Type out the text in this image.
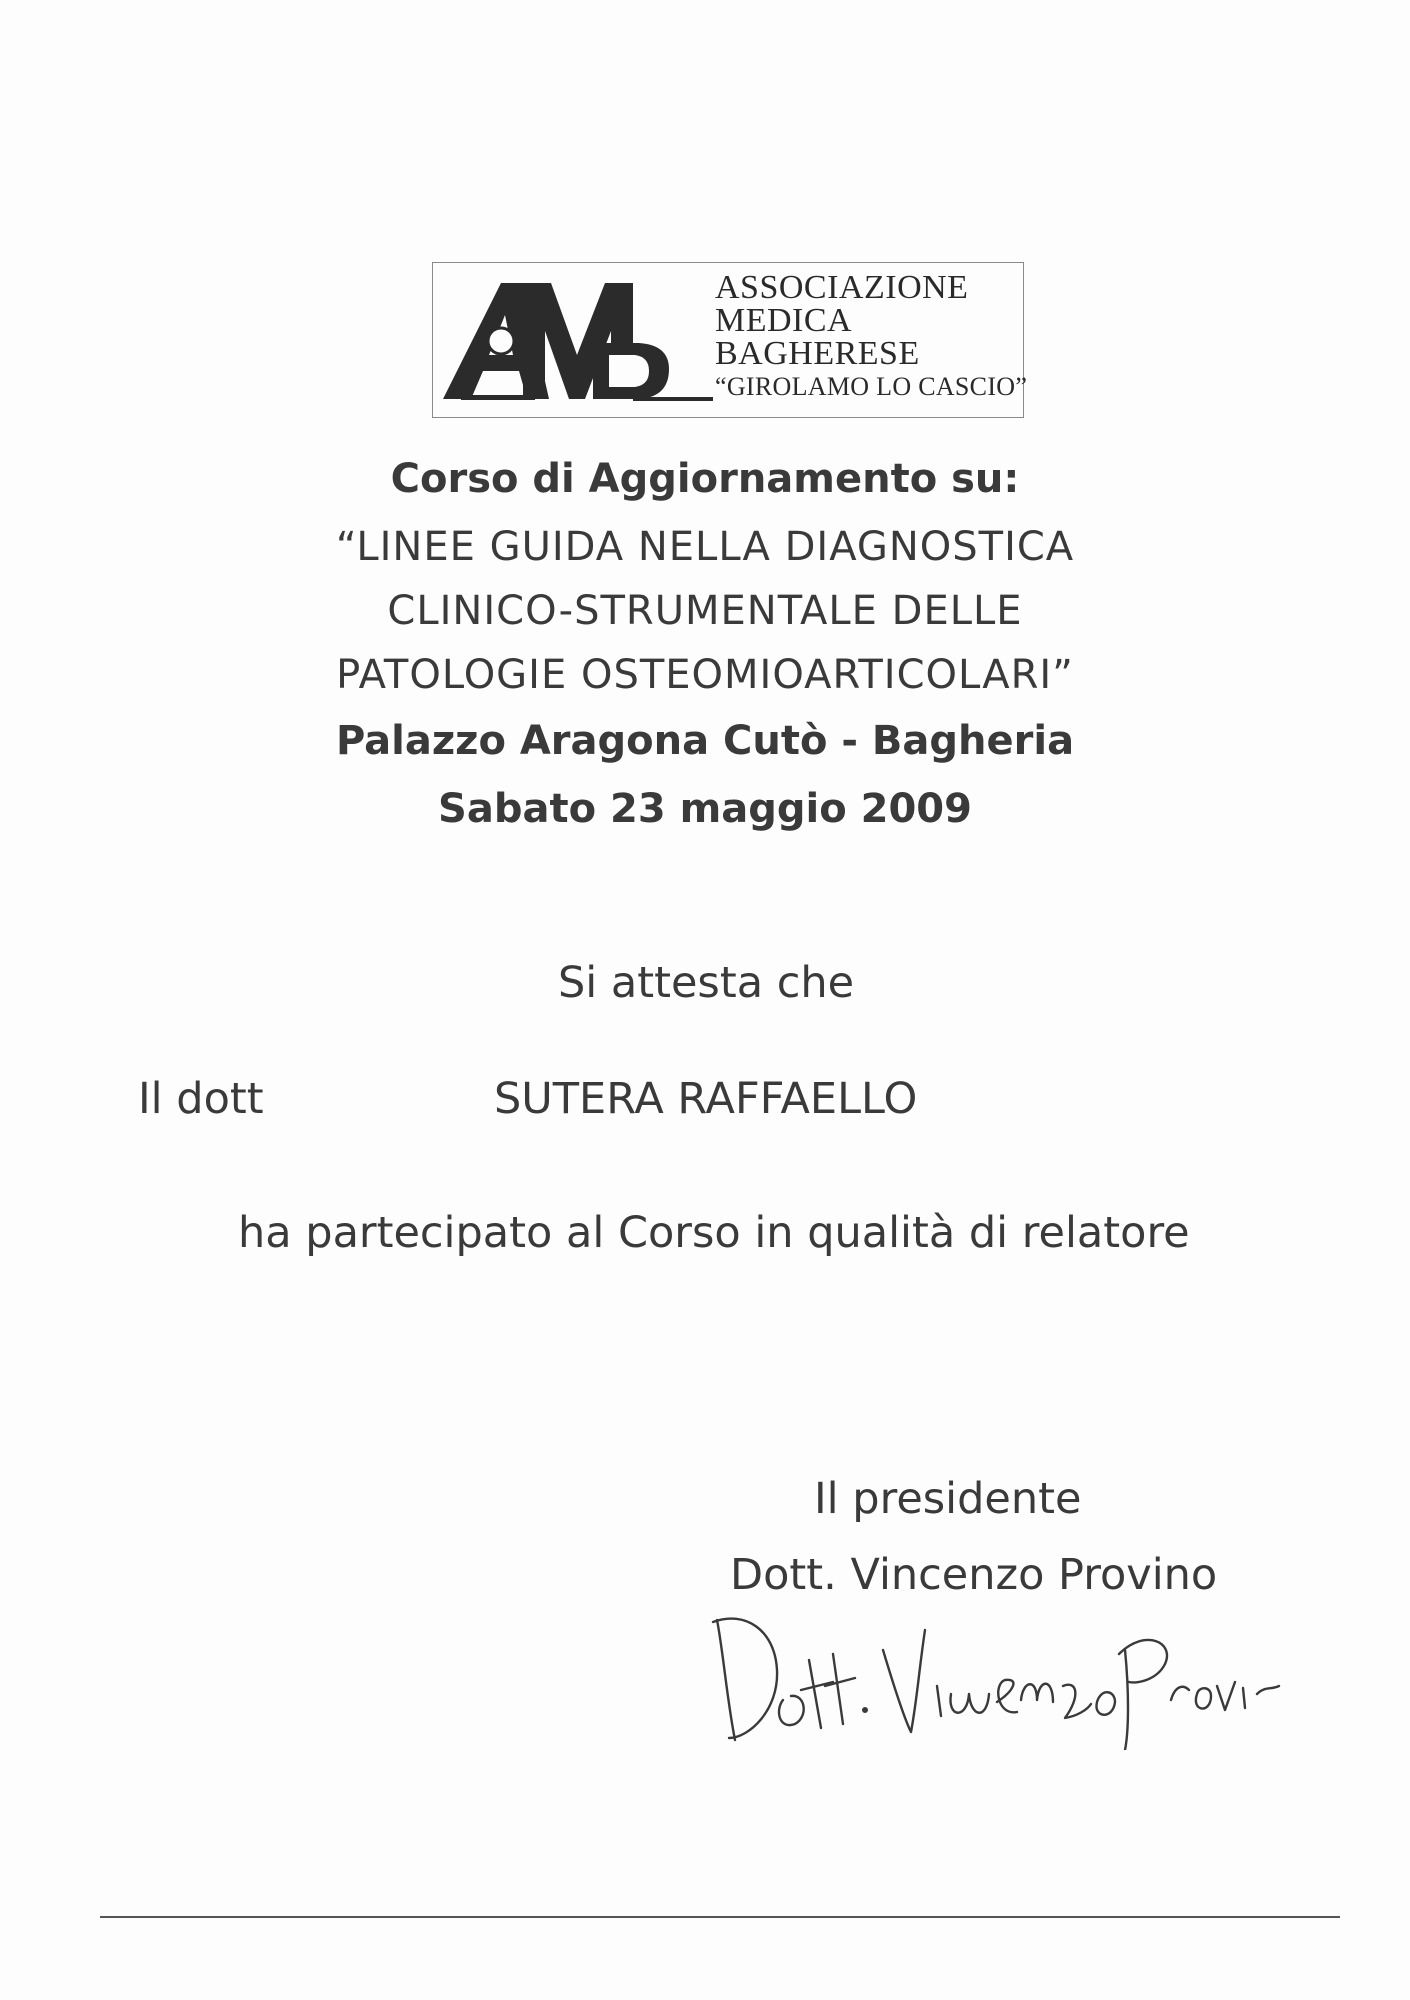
ASSOCIAZIONE
MEDICA
BAGHERESE
“GIROLAMO LO CASCIO”
Corso di Aggiornamento su:
“LINEE GUIDA NELLA DIAGNOSTICA
CLINICO-STRUMENTALE DELLE
PATOLOGIE OSTEOMIOARTICOLARI”
Palazzo Aragona Cutò - Bagheria
Sabato 23 maggio 2009
Si attesta che
Il dott	SUTERA RAFFAELLO
ha partecipato al Corso in qualità di relatore
Il presidente
Dott. Vincenzo Provino
